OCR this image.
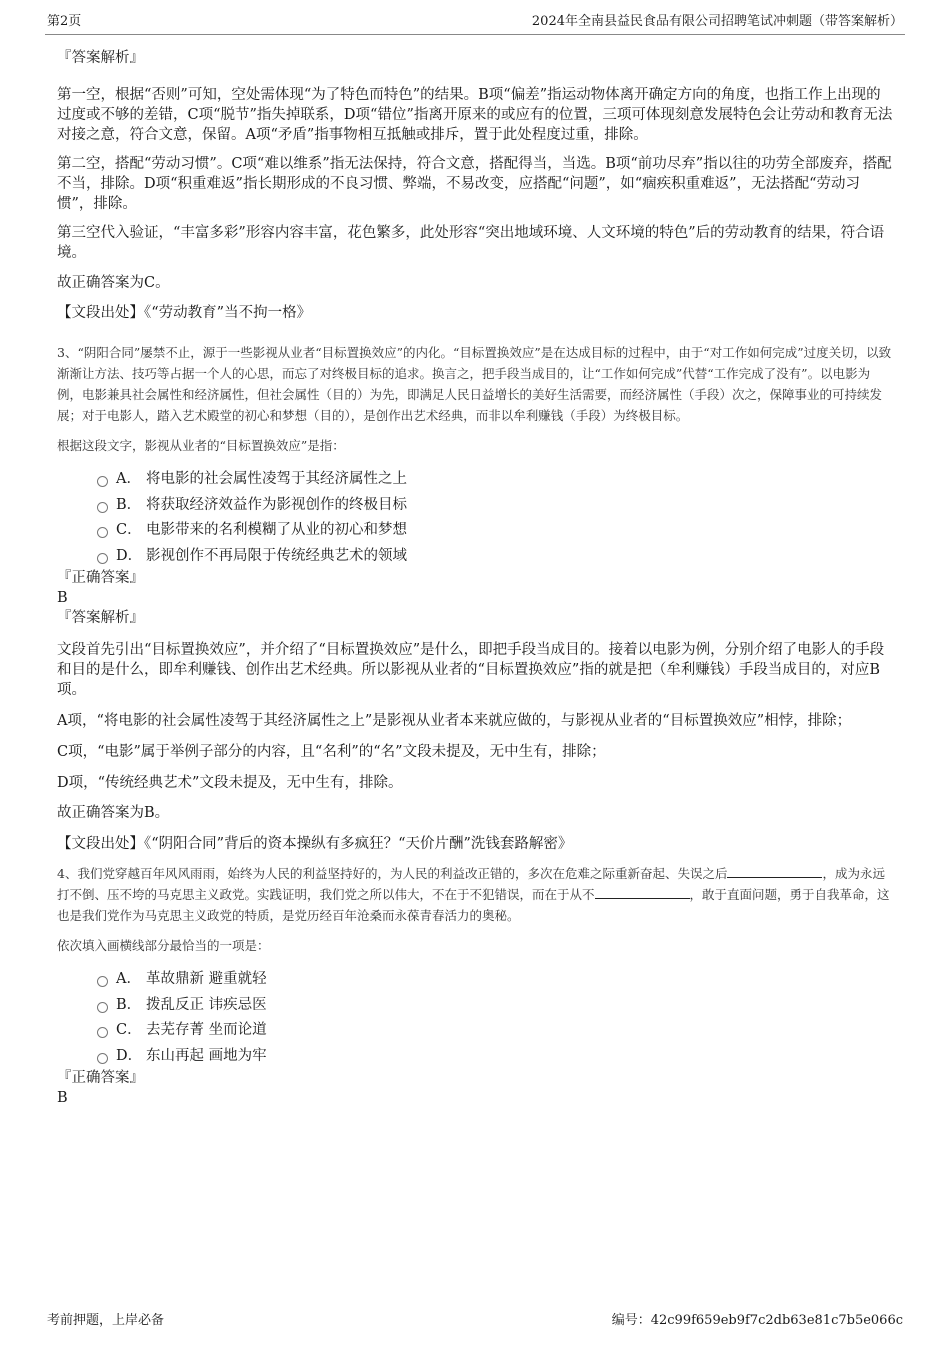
第2页	2024年全南县益民食品有限公司招聘笔试冲刺题（带答案解析）

『答案解析』

第一空，根据“否则”可知，空处需体现“为了特色而特色”的结果。B项“偏差”指运动物体离开确定方向的角度，也指工作上出现的过度或不够的差错，C项“脱节”指失掉联系，D项“错位”指离开原来的或应有的位置，三项可体现刻意发展特色会让劳动和教育无法对接之意，符合文意，保留。A项“矛盾”指事物相互抵触或排斥，置于此处程度过重，排除。

第二空，搭配“劳动习惯”。C项“难以维系”指无法保持，符合文意，搭配得当，当选。B项“前功尽弃”指以往的功劳全部废弃，搭配不当，排除。D项“积重难返”指长期形成的不良习惯、弊端，不易改变，应搭配“问题”，如“痼疾积重难返”，无法搭配“劳动习惯”，排除。

第三空代入验证，“丰富多彩”形容内容丰富，花色繁多，此处形容“突出地域环境、人文环境的特色”后的劳动教育的结果，符合语境。

故正确答案为C。

【文段出处】《“劳动教育”当不拘一格》

3、“阴阳合同”屡禁不止，源于一些影视从业者“目标置换效应”的内化。“目标置换效应”是在达成目标的过程中，由于“对工作如何完成”过度关切，以致渐渐让方法、技巧等占据一个人的心思，而忘了对终极目标的追求。换言之，把手段当成目的，让“工作如何完成”代替“工作完成了没有”。以电影为例，电影兼具社会属性和经济属性，但社会属性（目的）为先，即满足人民日益增长的美好生活需要，而经济属性（手段）次之，保障事业的可持续发展；对于电影人，踏入艺术殿堂的初心和梦想（目的），是创作出艺术经典，而非以牟利赚钱（手段）为终极目标。

根据这段文字，影视从业者的“目标置换效应”是指：

A． 将电影的社会属性凌驾于其经济属性之上
B． 将获取经济效益作为影视创作的终极目标
C． 电影带来的名利模糊了从业的初心和梦想
D． 影视创作不再局限于传统经典艺术的领域

『正确答案』

B

『答案解析』

文段首先引出“目标置换效应”，并介绍了“目标置换效应”是什么，即把手段当成目的。接着以电影为例，分别介绍了电影人的手段和目的是什么，即牟利赚钱、创作出艺术经典。所以影视从业者的“目标置换效应”指的就是把（牟利赚钱）手段当成目的，对应B项。

A项，“将电影的社会属性凌驾于其经济属性之上”是影视从业者本来就应做的，与影视从业者的“目标置换效应”相悖，排除；

C项，“电影”属于举例子部分的内容，且“名利”的“名”文段未提及，无中生有，排除；

D项，“传统经典艺术”文段未提及，无中生有，排除。

故正确答案为B。

【文段出处】《“阴阳合同”背后的资本操纵有多疯狂？“天价片酬”洗钱套路解密》

4、我们党穿越百年风风雨雨，始终为人民的利益坚持好的，为人民的利益改正错的，多次在危难之际重新奋起、失误之后	，成为永远打不倒、压不垮的马克思主义政党。实践证明，我们党之所以伟大，不在于不犯错误，而在于从不	，敢于直面问题，勇于自我革命，这也是我们党作为马克思主义政党的特质，是党历经百年沧桑而永葆青春活力的奥秘。

依次填入画横线部分最恰当的一项是：

A． 革故鼎新 避重就轻
B． 拨乱反正 讳疾忌医
C． 去芜存菁 坐而论道
D． 东山再起 画地为牢

『正确答案』

B

考前押题，上岸必备	编号：42c99f659eb9f7c2db63e81c7b5e066c
